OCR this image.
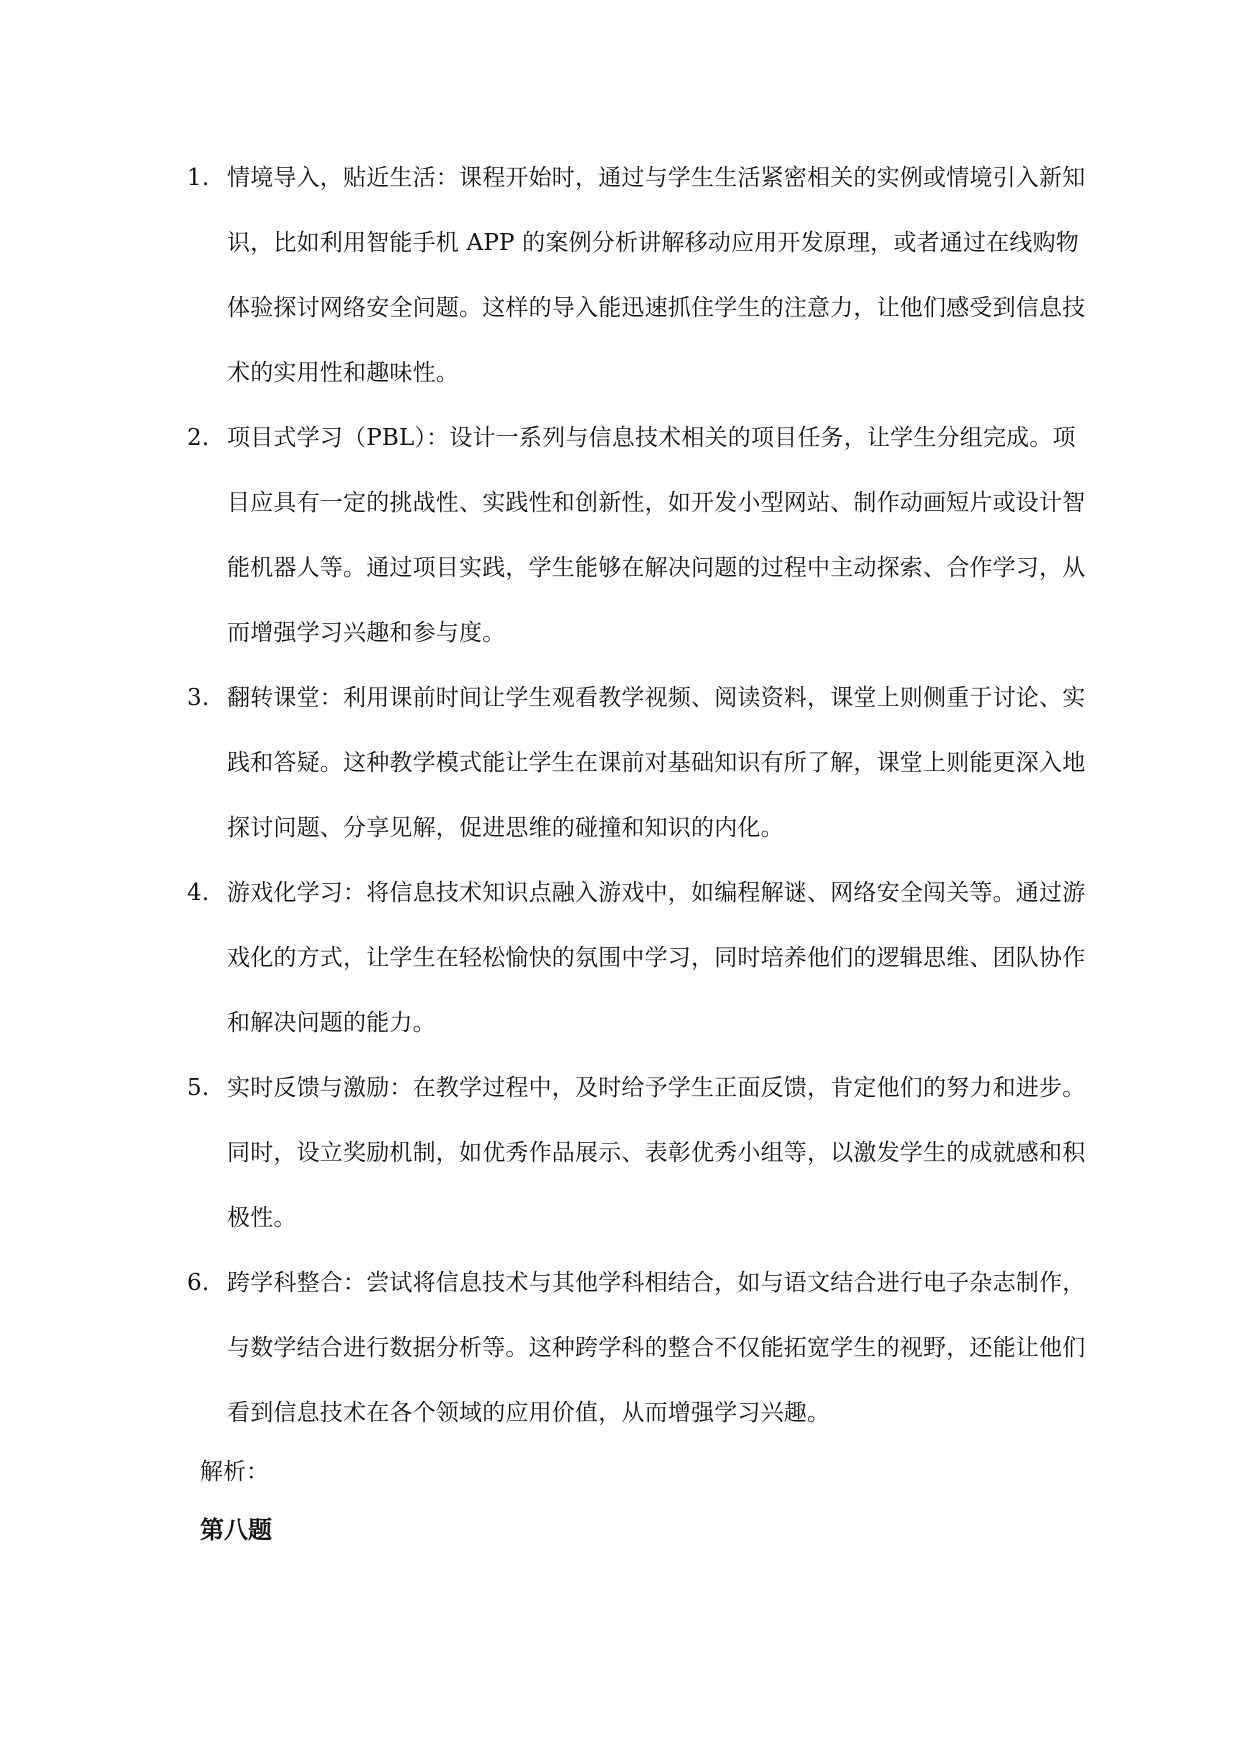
1. 情境导入，贴近生活：课程开始时，通过与学生生活紧密相关的实例或情境引入新知识，比如利用智能手机 APP 的案例分析讲解移动应用开发原理，或者通过在线购物体验探讨网络安全问题。这样的导入能迅速抓住学生的注意力，让他们感受到信息技术的实用性和趣味性。
2. 项目式学习（PBL）：设计一系列与信息技术相关的项目任务，让学生分组完成。项目应具有一定的挑战性、实践性和创新性，如开发小型网站、制作动画短片或设计智能机器人等。通过项目实践，学生能够在解决问题的过程中主动探索、合作学习，从而增强学习兴趣和参与度。
3. 翻转课堂：利用课前时间让学生观看教学视频、阅读资料，课堂上则侧重于讨论、实践和答疑。这种教学模式能让学生在课前对基础知识有所了解，课堂上则能更深入地探讨问题、分享见解，促进思维的碰撞和知识的内化。
4. 游戏化学习：将信息技术知识点融入游戏中，如编程解谜、网络安全闯关等。通过游戏化的方式，让学生在轻松愉快的氛围中学习，同时培养他们的逻辑思维、团队协作和解决问题的能力。
5. 实时反馈与激励：在教学过程中，及时给予学生正面反馈，肯定他们的努力和进步。同时，设立奖励机制，如优秀作品展示、表彰优秀小组等，以激发学生的成就感和积极性。
6. 跨学科整合：尝试将信息技术与其他学科相结合，如与语文结合进行电子杂志制作，与数学结合进行数据分析等。这种跨学科的整合不仅能拓宽学生的视野，还能让他们看到信息技术在各个领域的应用价值，从而增强学习兴趣。
解析：
第八题
